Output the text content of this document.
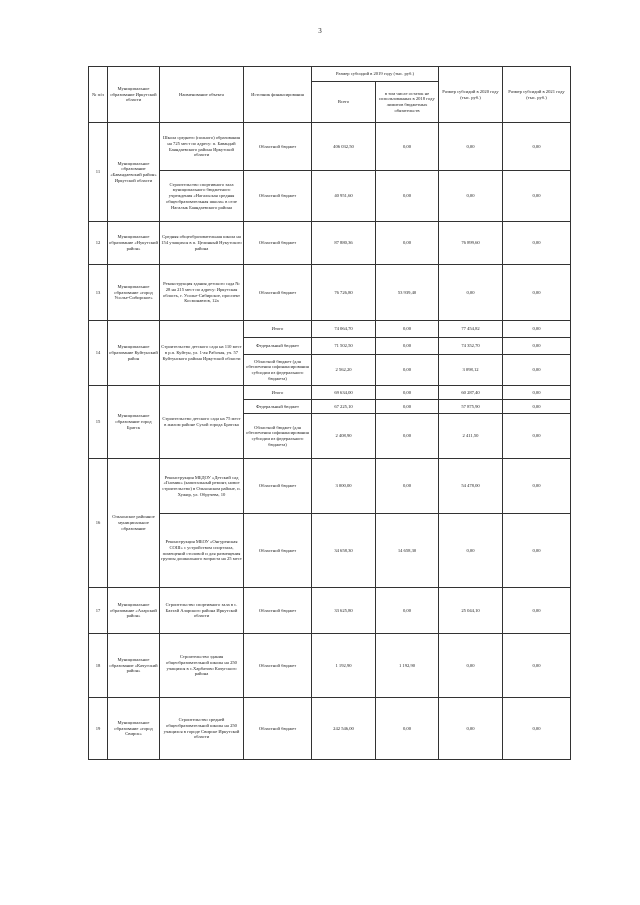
3
№ п/п	Муниципальное образование Иркутской области	Наименование объекта	Источник финансирования	Размер субсидий в 2019 году (тыс. руб.)		Размер субсидий в 2020 году (тыс. руб.)	Размер субсидий в 2021 году (тыс. руб.)
				Всего	в том числе остаток не использованных в 2018 году лимитов бюджетных обязательств		
11	Муниципальное образование «Бавандаевский район» Иркутской области	Школа среднего (полного) образования на 725 мест по адресу: п. Бавандай Баяндаевского района Иркутской области	Областной бюджет	406 032,50	0,00	0,00	0,00
		Строительство спортивного зала муниципального бюджетного учреждения «Нагальская средняя общеобразовательная школа» в селе Нагалык Баяндаевского района	Областной бюджет	40 951,60	0,00	0,00	0,00
12	Муниципальное образование «Нукутский район»	Средняя общеобразовательная школа на 154 учащихся в п. Целинный Нукутского района	Областной бюджет	87 880,36	0,00	76 899,60	0,00
13	Муниципальное образование «город Усолье-Сибирское»	Реконструкция здания детского сада № 28 на 215 мест по адресу: Иркутская область, г. Усолье-Сибирское, проспект Космонавтов, 12а	Областной бюджет	76 726,80	53 939,40	0,00	0,00
14	Муниципальное образование Куйтунский район	Строительство детского сада на 110 мест в р.п. Куйтун, ул. 1-ая Рабочая, уч. 57 Куйтунского района Иркутской области	Итого	74 064,70	0,00	77 454,82	0,00
			Федеральный бюджет	71 502,50	0,00	74 352,70	0,00
			Областной бюджет (для обеспечения софинансирования субсидии из федерального бюджета)	2 562,20	0,00	3 098,12	0,00
15	Муниципальное образование город Братск	Строительство детского сада на 75 мест в жилом районе Сухой города Братска	Итого	69 634,00	0,00	60 287,40	0,00
			Федеральный бюджет	67 225,10	0,00	57 875,90	0,00
			Областной бюджет (для обеспечения софинансирования субсидии из федерального бюджета)	2 408,90	0,00	2 411,50	0,00
16	Ольхонское районное муниципальное образование	Реконструкция МБДОУ «Детский сад «Гномик» (капитальный ремонт, новое строительство) в Ольхонском районе, п. Хужир, ул. Обручева, 10	Областной бюджет	3 000,00	0,00	54 478,00	0,00
		Реконструкция МБОУ «Онгуренская СОШ» с устройством спортзала, помещений столовой и для размещения группы дошкольного возраста на 25 мест	Областной бюджет	34 658,30	14 658,30	0,00	0,00
17	Муниципальное образование «Аларский район»	Строительство спортивного зала в с. Бахтай Аларского района Иркутской области	Областной бюджет	33 625,80	0,00	25 044,10	0,00
18	Муниципальное образование «Качугский район»	Строительство здания общеобразовательной школы на 250 учащихся в с.Харбатово Качугского района	Областной бюджет	1 192,90	1 192,90	0,00	0,00
19	Муниципальное образование «город Свирск»	Строительство средней общеобразовательной школы на 250 учащихся в городе Свирске Иркутской области	Областной бюджет	242 546,00	0,00	0,00	0,00
